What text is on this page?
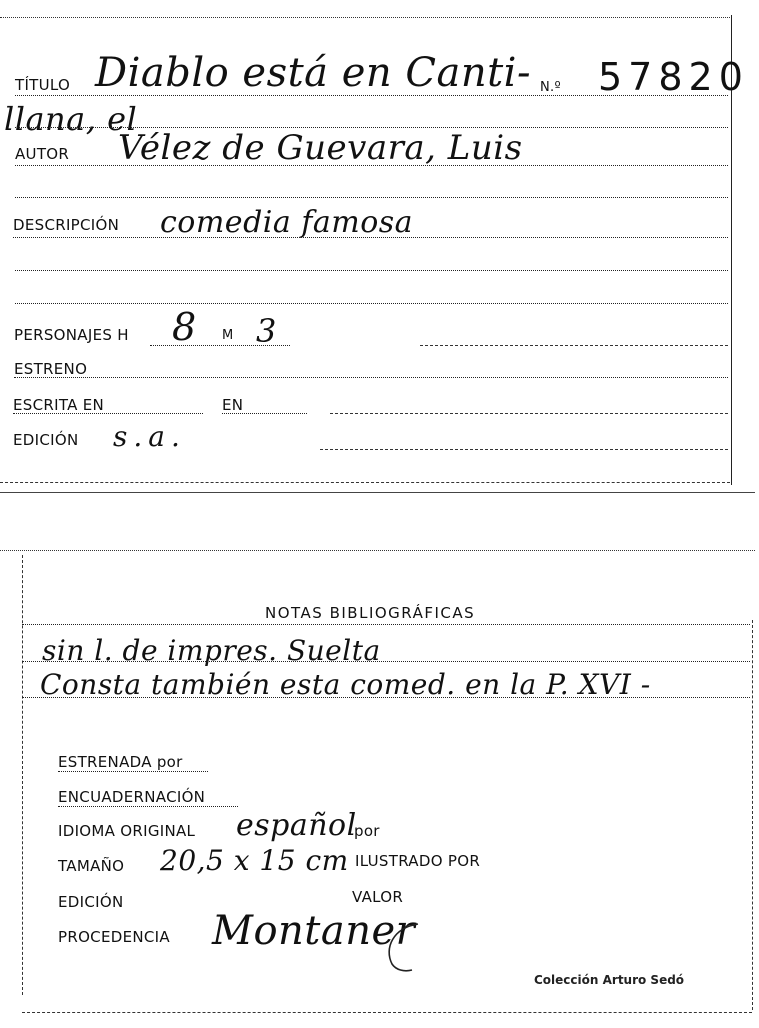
TÍTULO Diablo está en Canti- N.º 57820
llana, el
AUTOR Vélez de Guevara, Luis
DESCRIPCIÓN comedia famosa
PERSONAJES H 8 M 3
ESTRENO
ESCRITA EN	EN
EDICIÓN s.a.
NOTAS BIBLIOGRÁFICAS
sin l. de impres. Suelta
Consta también esta comed. en la P. XVI -
ESTRENADA por
ENCUADERNACIÓN
IDIOMA ORIGINAL español
por
TAMAÑO 20,5 x 15 cm ILUSTRADO POR
EDICIÓN	VALOR
PROCEDENCIA Montaner
Colección Arturo Sedó
